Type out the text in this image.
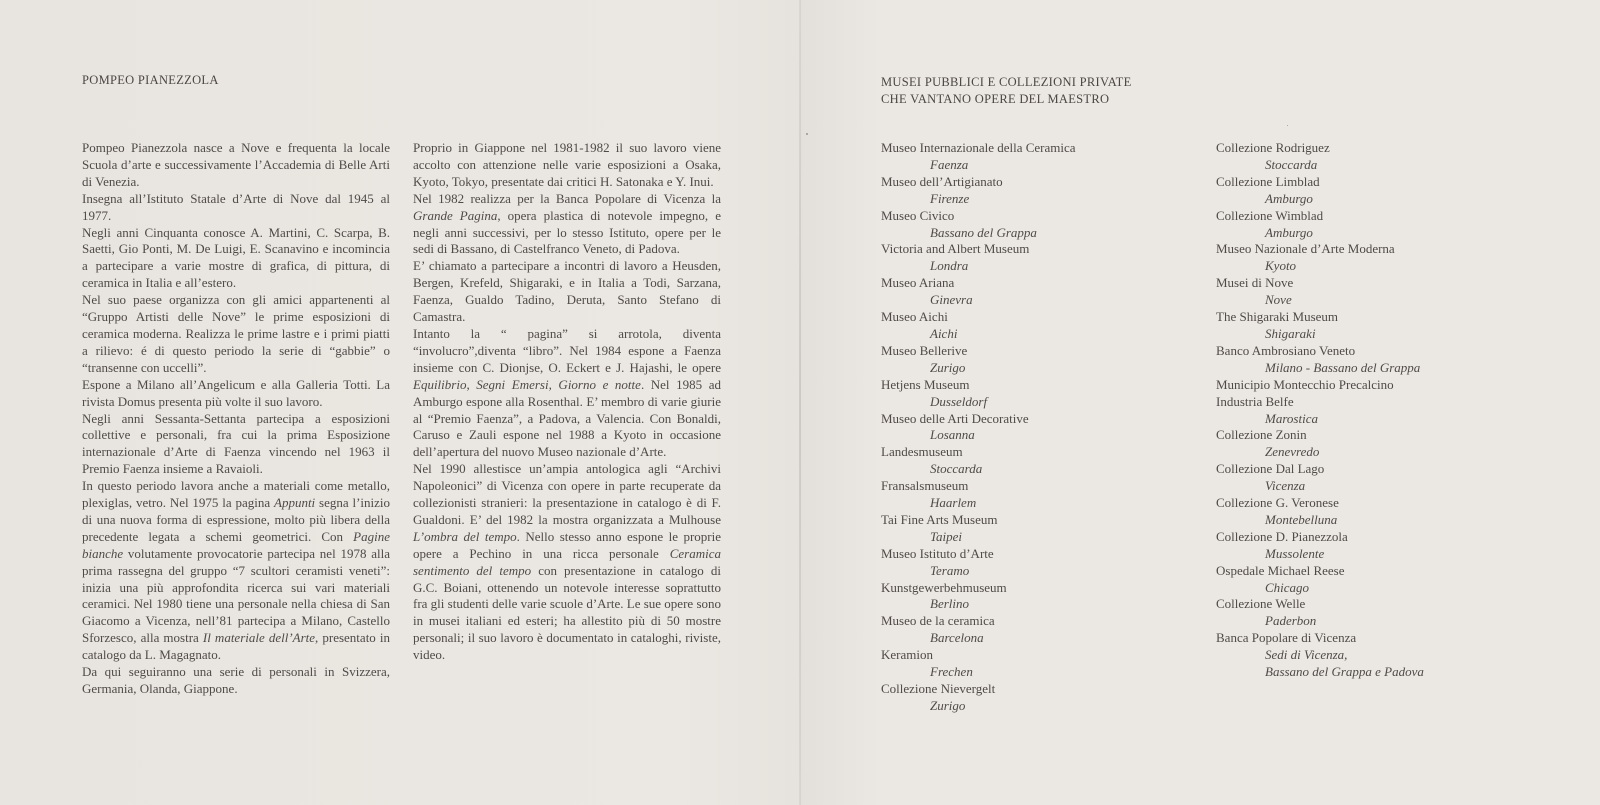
POMPEO PIANEZZOLA	MUSEI PUBBLICI E COLLEZIONI PRIVATE
CHE VANTANO OPERE DEL MAESTRO

Pompeo Pianezzola nasce a Nove e frequenta la locale Scuola d’arte e successivamente l’Accademia di Belle Arti di Venezia.

Insegna all’Istituto Statale d’Arte di Nove dal 1945 al 1977.

Negli anni Cinquanta conosce A. Martini, C. Scarpa, B. Saetti, Gio Ponti, M. De Luigi, E. Scanavino e incomincia a partecipare a varie mostre di grafica, di pittura, di ceramica in Italia e all’estero.

Nel suo paese organizza con gli amici appartenenti al “Gruppo Artisti delle Nove” le prime esposizioni di ceramica moderna. Realizza le prime lastre e i primi piatti a rilievo: é di questo periodo la serie di “gabbie” o “transenne con uccelli”.

Espone a Milano all’Angelicum e alla Galleria Totti. La rivista Domus presenta più volte il suo lavoro.

Negli anni Sessanta-Settanta partecipa a esposizioni collettive e personali, fra cui la prima Esposizione internazionale d’Arte di Faenza vincendo nel 1963 il Premio Faenza insieme a Ravaioli.

In questo periodo lavora anche a materiali come metallo, plexiglas, vetro. Nel 1975 la pagina Appunti segna l’inizio di una nuova forma di espressione, molto più libera della precedente legata a schemi geometrici. Con Pagine bianche volutamente provocatorie partecipa nel 1978 alla prima rassegna del gruppo “7 scultori ceramisti veneti”: inizia una più approfondita ricerca sui vari materiali ceramici. Nel 1980 tiene una personale nella chiesa di San Giacomo a Vicenza, nell’81 partecipa a Milano, Castello Sforzesco, alla mostra Il materiale dell’Arte, presentato in catalogo da L. Magagnato.

Da qui seguiranno una serie di personali in Svizzera, Germania, Olanda, Giappone.

Proprio in Giappone nel 1981-1982 il suo lavoro viene accolto con attenzione nelle varie esposizioni a Osaka, Kyoto, Tokyo, presentate dai critici H. Satonaka e Y. Inui.

Nel 1982 realizza per la Banca Popolare di Vicenza la Grande Pagina, opera plastica di notevole impegno, e negli anni successivi, per lo stesso Istituto, opere per le sedi di Bassano, di Castelfranco Veneto, di Padova.

E’ chiamato a partecipare a incontri di lavoro a Heusden, Bergen, Krefeld, Shigaraki, e in Italia a Todi, Sarzana, Faenza, Gualdo Tadino, Deruta, Santo Stefano di Camastra.

Intanto la “ pagina” si arrotola, diventa “involucro”,diventa “libro”. Nel 1984 espone a Faenza insieme con C. Dionjse, O. Eckert e J. Hajashi, le opere Equilibrio, Segni Emersi, Giorno e notte. Nel 1985 ad Amburgo espone alla Rosenthal. E’ membro di varie giurie al “Premio Faenza”, a Padova, a Valencia. Con Bonaldi, Caruso e Zauli espone nel 1988 a Kyoto in occasione dell’apertura del nuovo Museo nazionale d’Arte.

Nel 1990 allestisce un’ampia antologica agli “Archivi Napoleonici” di Vicenza con opere in parte recuperate da collezionisti stranieri: la presentazione in catalogo è di F. Gualdoni. E’ del 1982 la mostra organizzata a Mulhouse L’ombra del tempo. Nello stesso anno espone le proprie opere a Pechino in una ricca personale Ceramica sentimento del tempo con presentazione in catalogo di G.C. Boiani, ottenendo un notevole interesse soprattutto fra gli studenti delle varie scuole d’Arte. Le sue opere sono in musei italiani ed esteri; ha allestito più di 50 mostre personali; il suo lavoro è documentato in cataloghi, riviste, video.

Museo Internazionale della Ceramica
Faenza
Museo dell’Artigianato
Firenze
Museo Civico
Bassano del Grappa
Victoria and Albert Museum
Londra
Museo Ariana
Ginevra
Museo Aichi
Aichi
Museo Bellerive
Zurigo
Hetjens Museum
Dusseldorf
Museo delle Arti Decorative
Losanna
Landesmuseum
Stoccarda
Fransalsmuseum
Haarlem
Tai Fine Arts Museum
Taipei
Museo Istituto d’Arte
Teramo
Kunstgewerbehmuseum
Berlino
Museo de la ceramica
Barcelona
Keramion
Frechen
Collezione Nievergelt
Zurigo
Collezione Rodriguez
Stoccarda
Collezione Limblad
Amburgo
Collezione Wimblad
Amburgo
Museo Nazionale d’Arte Moderna
Kyoto
Musei di Nove
Nove
The Shigaraki Museum
Shigaraki
Banco Ambrosiano Veneto
Milano - Bassano del Grappa
Municipio Montecchio Precalcino
Industria Belfe
Marostica
Collezione Zonin
Zenevredo
Collezione Dal Lago
Vicenza
Collezione G. Veronese
Montebelluna
Collezione D. Pianezzola
Mussolente
Ospedale Michael Reese
Chicago
Collezione Welle
Paderbon
Banca Popolare di Vicenza
Sedi di Vicenza,
Bassano del Grappa e Padova
